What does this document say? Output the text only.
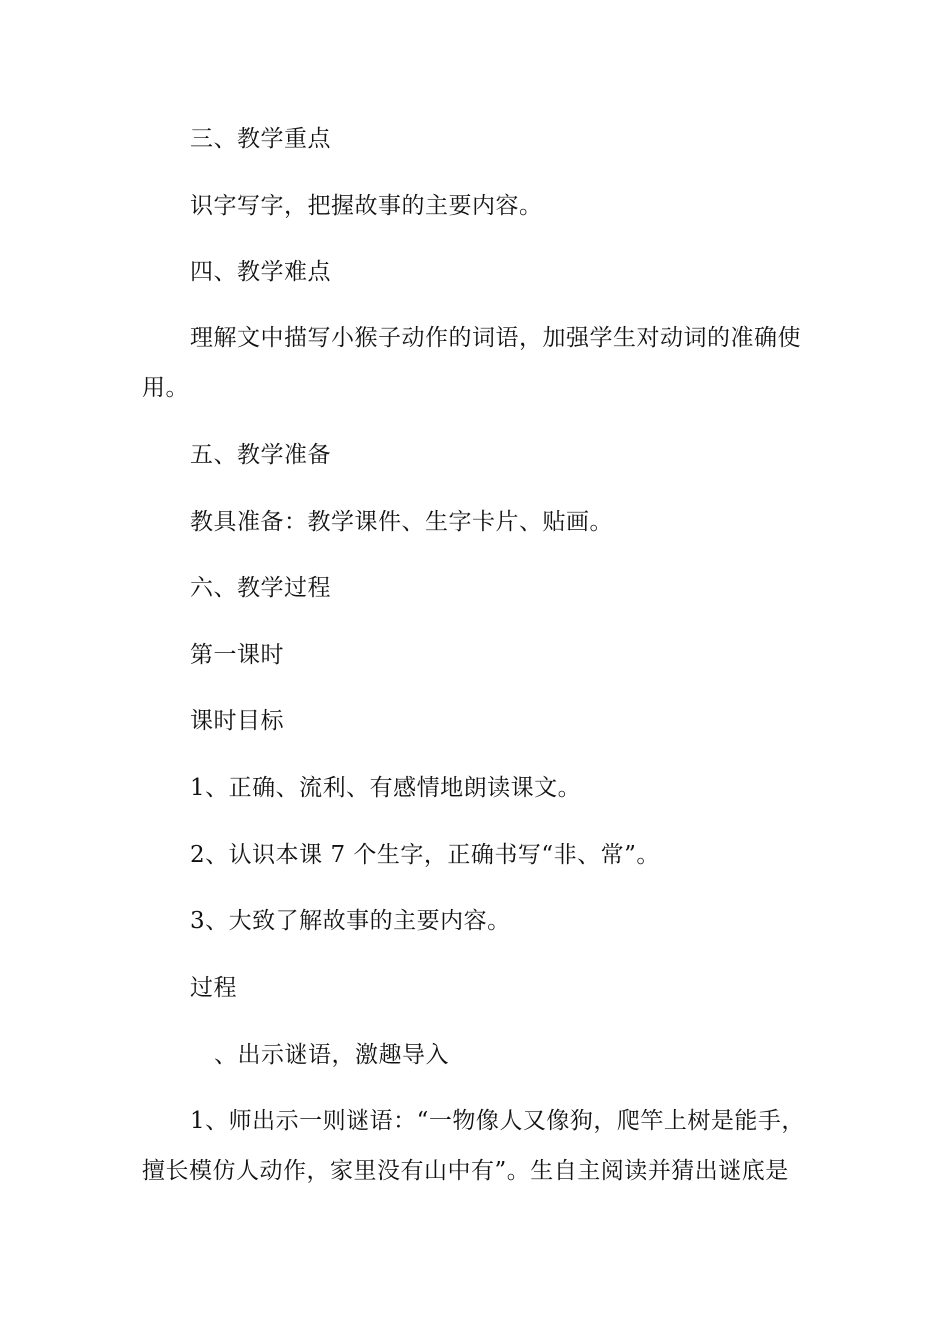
三、教学重点
识字写字，把握故事的主要内容。
四、教学难点
理解文中描写小猴子动作的词语，加强学生对动词的准确使
用。
五、教学准备
教具准备：教学课件、生字卡片、贴画。
六、教学过程
第一课时
课时目标
1、正确、流利、有感情地朗读课文。
2、认识本课 7 个生字，正确书写“非、常”。
3、大致了解故事的主要内容。
过程
、出示谜语，激趣导入
1、师出示一则谜语：“一物像人又像狗，爬竿上树是能手，
擅长模仿人动作，家里没有山中有”。生自主阅读并猜出谜底是
